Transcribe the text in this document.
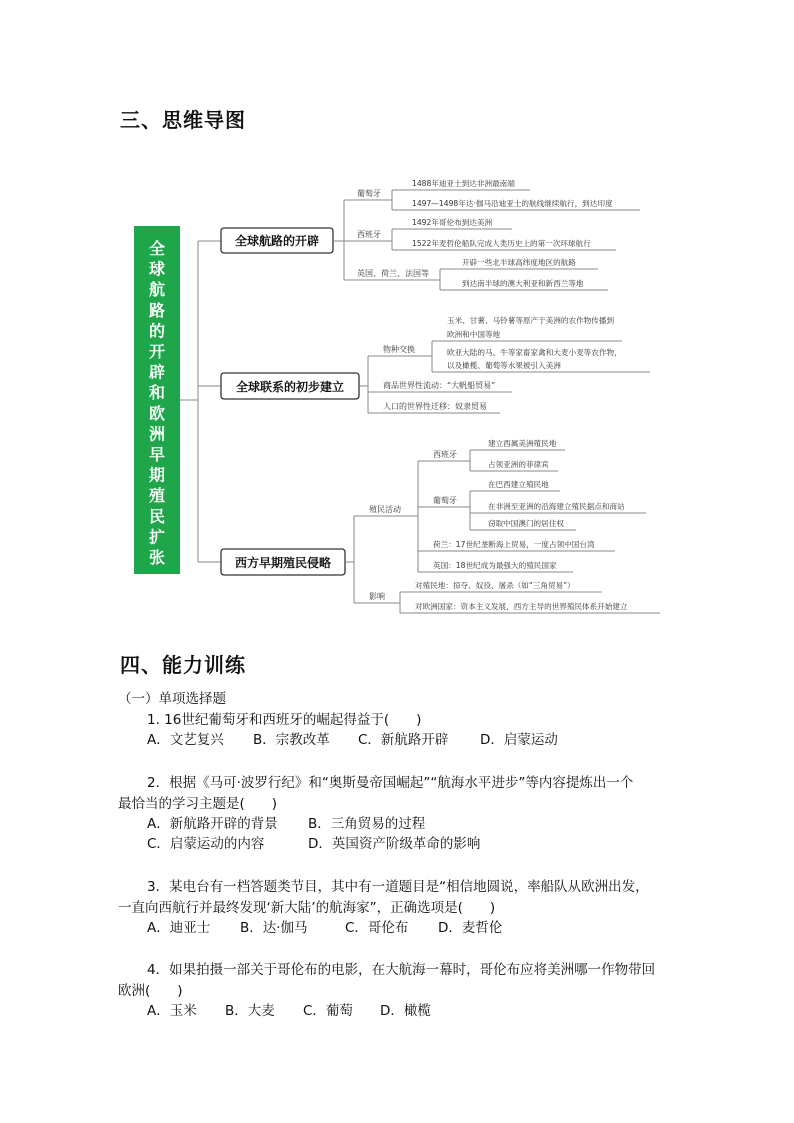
三、思维导图
全
球
航
路
的
开
辟
和
欧
洲
早
期
殖
民
扩
张
全球航路的开辟
葡萄牙
1488年迪亚士到达非洲最南端
1497—1498年达·伽马沿迪亚士的航线继续航行，到达印度
西班牙
1492年哥伦布到达美洲
1522年麦哲伦船队完成人类历史上的第一次环球航行
英国、荷兰、法国等
开辟一些北半球高纬度地区的航路
到达南半球的澳大利亚和新西兰等地
全球联系的初步建立
物种交换
玉米、甘薯、马铃薯等原产于美洲的农作物传播到
欧洲和中国等地
欧亚大陆的马、牛等家畜家禽和大麦小麦等农作物，
以及橄榄、葡萄等水果被引入美洲
商品世界性流动：“大帆船贸易”
人口的世界性迁移：奴隶贸易
西方早期殖民侵略
殖民活动
西班牙
建立西属美洲殖民地
占领亚洲的菲律宾
葡萄牙
在巴西建立殖民地
在非洲至亚洲的沿海建立殖民据点和商站
窃取中国澳门的居住权
荷兰：17世纪垄断海上贸易，一度占领中国台湾
英国：18世纪成为最强大的殖民国家
影响
对殖民地：掠夺、奴役、屠杀（如“三角贸易”）
对欧洲国家：资本主义发展，西方主导的世界殖民体系开始建立
四、能力训练
（一）单项选择题
1. 16世纪葡萄牙和西班牙的崛起得益于(　　)
A．文艺复兴 B．宗教改革 C．新航路开辟 D．启蒙运动
2．根据《马可·波罗行纪》和“奥斯曼帝国崛起”“航海水平进步”等内容提炼出一个
最恰当的学习主题是(　　)
A．新航路开辟的背景 B．三角贸易的过程
C．启蒙运动的内容	D．英国资产阶级革命的影响
3．某电台有一档答题类节目，其中有一道题目是“相信地圆说，率船队从欧洲出发，
一直向西航行并最终发现‘新大陆’的航海家”，正确选项是(　　)
A．迪亚士 B．达·伽马	C．哥伦布 D．麦哲伦
4．如果拍摄一部关于哥伦布的电影，在大航海一幕时，哥伦布应将美洲哪一作物带回
欧洲(　　)
A．玉米 B．大麦 C．葡萄 D．橄榄
